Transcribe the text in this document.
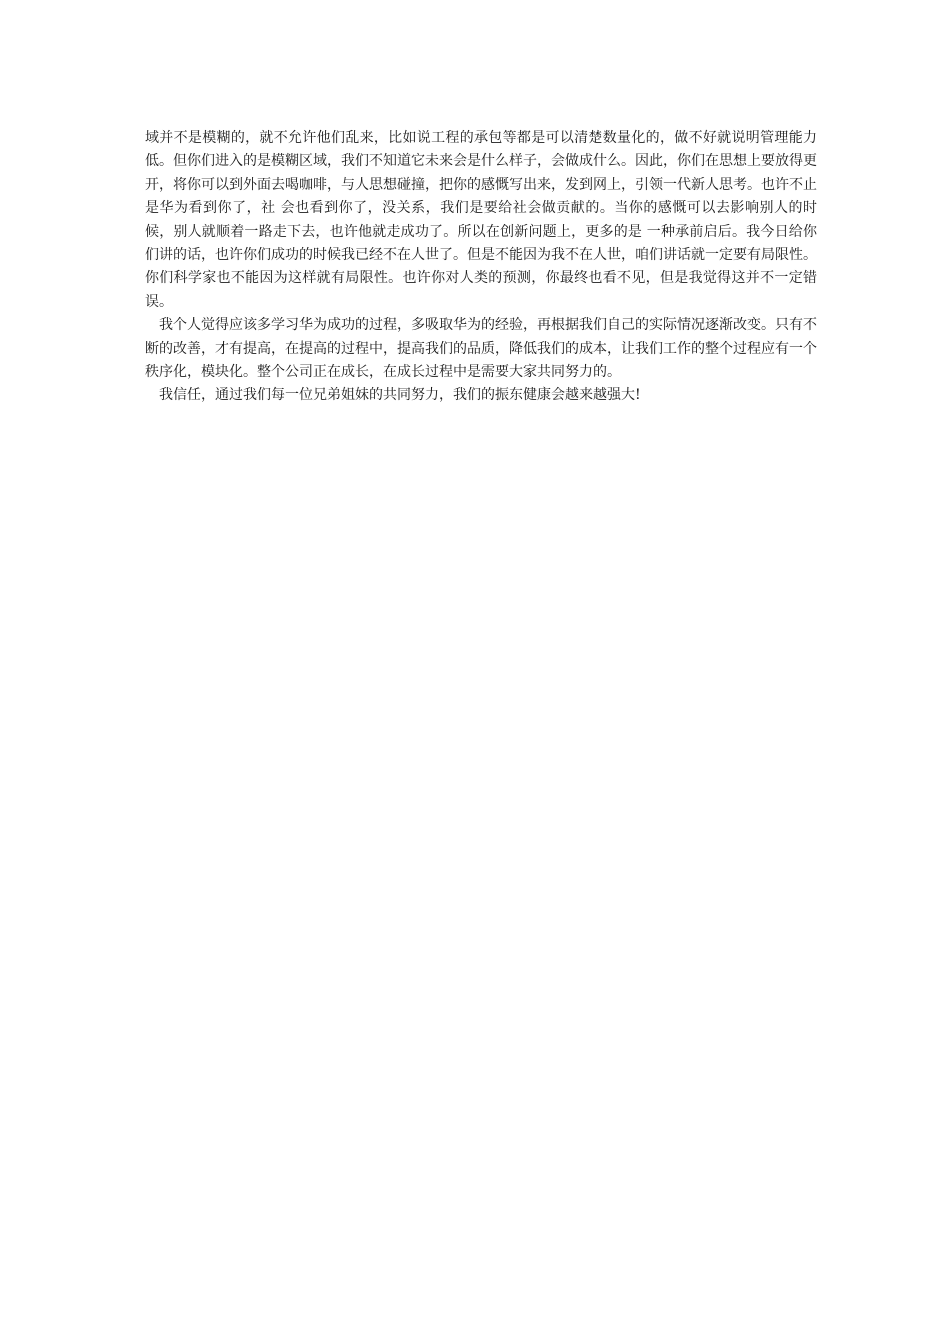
域并不是模糊的，就不允许他们乱来，比如说工程的承包等都是可以清楚数量化的，做不好就说明管理能力低。但你们进入的是模糊区域，我们不知道它未来会是什么样子，会做成什么。因此，你们在思想上要放得更开，将你可以到外面去喝咖啡，与人思想碰撞，把你的感慨写出来，发到网上，引领一代新人思考。也许不止是华为看到你了，社 会也看到你了，没关系，我们是要给社会做贡献的。当你的感慨可以去影响别人的时候，别人就顺着一路走下去，也许他就走成功了。所以在创新问题上，更多的是 一种承前启后。我今日给你们讲的话，也许你们成功的时候我已经不在人世了。但是不能因为我不在人世，咱们讲话就一定要有局限性。你们科学家也不能因为这样就有局限性。也许你对人类的预测，你最终也看不见，但是我觉得这并不一定错误。

我个人觉得应该多学习华为成功的过程，多吸取华为的经验，再根据我们自己的实际情况逐渐改变。只有不断的改善，才有提高，在提高的过程中，提高我们的品质，降低我们的成本，让我们工作的整个过程应有一个秩序化，模块化。整个公司正在成长，在成长过程中是需要大家共同努力的。

我信任，通过我们每一位兄弟姐妹的共同努力，我们的振东健康会越来越强大!
